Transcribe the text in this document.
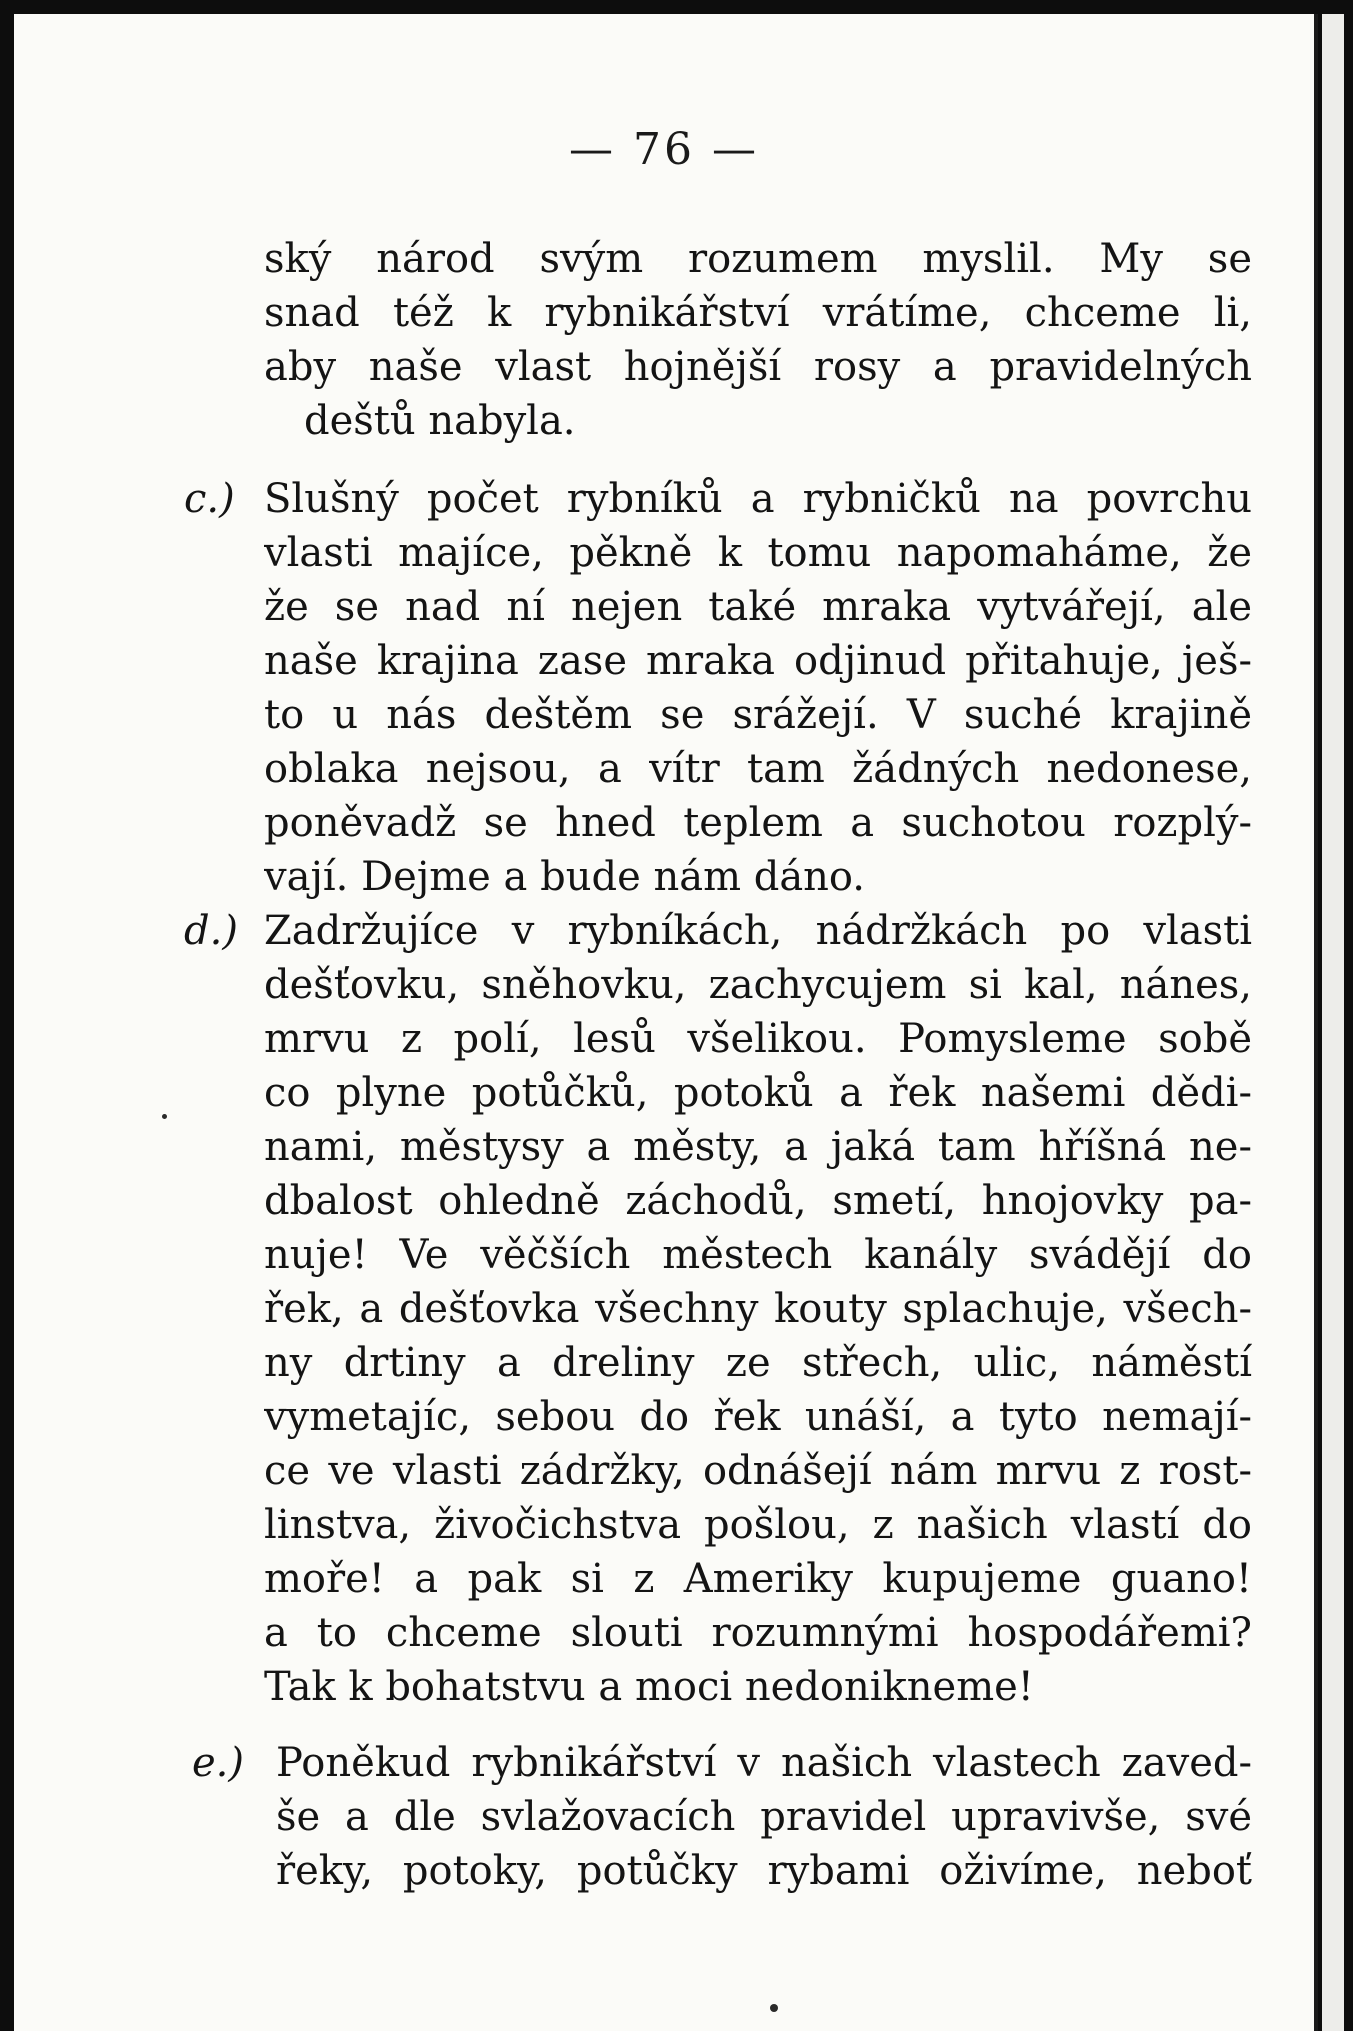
— 76 —
ský národ svým rozumem myslil. My se
snad též k rybnikářství vrátíme, chceme li,
aby naše vlast hojnější rosy a pravidelných
deštů nabyla.
c.) Slušný počet rybníků a rybničků na povrchu
vlasti majíce, pěkně k tomu napomaháme, že
že se nad ní nejen také mraka vytvářejí, ale
naše krajina zase mraka odjinud přitahuje, ješ-
to u nás deštěm se srážejí. V suché krajině
oblaka nejsou, a vítr tam žádných nedonese,
poněvadž se hned teplem a suchotou rozplý-
vají. Dejme a bude nám dáno.
d.) Zadržujíce v rybníkách, nádržkách po vlasti
dešťovku, sněhovku, zachycujem si kal, nánes,
mrvu z polí, lesů všelikou. Pomysleme sobě
co plyne potůčků, potoků a řek našemi dědi-
nami, městysy a městy, a jaká tam hříšná ne-
dbalost ohledně záchodů, smetí, hnojovky pa-
nuje! Ve věčších městech kanály svádějí do
řek, a dešťovka všechny kouty splachuje, všech-
ny drtiny a dreliny ze střech, ulic, náměstí
vymetajíc, sebou do řek unáší, a tyto nemají-
ce ve vlasti zádržky, odnášejí nám mrvu z rost-
linstva, živočichstva pošlou, z našich vlastí do
moře! a pak si z Ameriky kupujeme guano!
a to chceme slouti rozumnými hospodářemi?
Tak k bohatstvu a moci nedonikneme!
e.) Poněkud rybnikářství v našich vlastech zaved-
še a dle svlažovacích pravidel upravivše, své
řeky, potoky, potůčky rybami oživíme, neboť
